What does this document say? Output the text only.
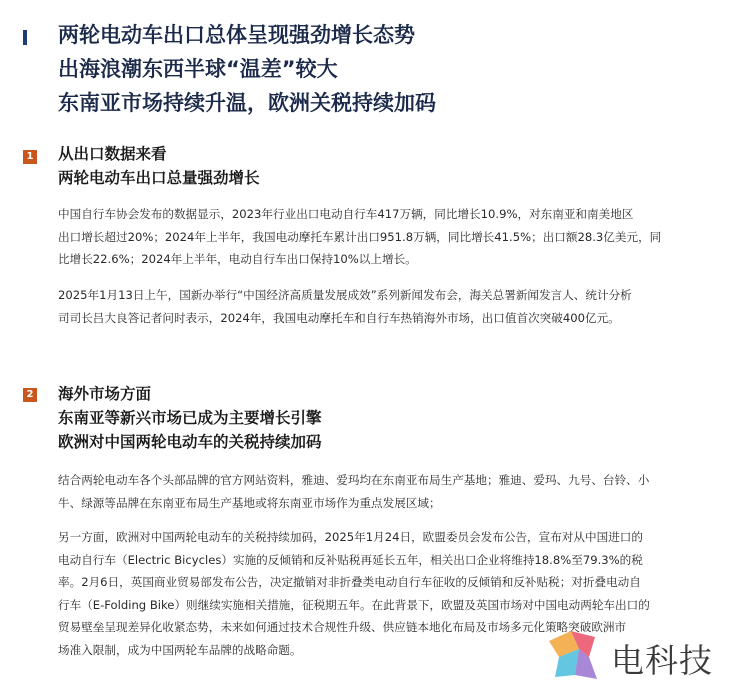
两轮电动车出口总体呈现强劲增长态势
出海浪潮东西半球“温差”较大
东南亚市场持续升温，欧洲关税持续加码
1 从出口数据来看
两轮电动车出口总量强劲增长
中国自行车协会发布的数据显示，2023年行业出口电动自行车417万辆，同比增长10.9%，对东南亚和南美地区
出口增长超过20%；2024年上半年，我国电动摩托车累计出口951.8万辆，同比增长41.5%；出口额28.3亿美元，同
比增长22.6%；2024年上半年，电动自行车出口保持10%以上增长。
2025年1月13日上午，国新办举行“中国经济高质量发展成效”系列新闻发布会，海关总署新闻发言人、统计分析
司司长吕大良答记者问时表示，2024年，我国电动摩托车和自行车热销海外市场，出口值首次突破400亿元。
2 海外市场方面
东南亚等新兴市场已成为主要增长引擎
欧洲对中国两轮电动车的关税持续加码
结合两轮电动车各个头部品牌的官方网站资料，雅迪、爱玛均在东南亚布局生产基地；雅迪、爱玛、九号、台铃、小
牛、绿源等品牌在东南亚布局生产基地或将东南亚市场作为重点发展区域；
另一方面，欧洲对中国两轮电动车的关税持续加码，2025年1月24日，欧盟委员会发布公告，宣布对从中国进口的
电动自行车（Electric Bicycles）实施的反倾销和反补贴税再延长五年，相关出口企业将维持18.8%至79.3%的税
率。2月6日，英国商业贸易部发布公告，决定撤销对非折叠类电动自行车征收的反倾销和反补贴税；对折叠电动自
行车（E-Folding Bike）则继续实施相关措施，征税期五年。在此背景下，欧盟及英国市场对中国电动两轮车出口的
贸易壁垒呈现差异化收紧态势，未来如何通过技术合规性升级、供应链本地化布局及市场多元化策略突破欧洲市
场准入限制，成为中国两轮车品牌的战略命题。	电科技
